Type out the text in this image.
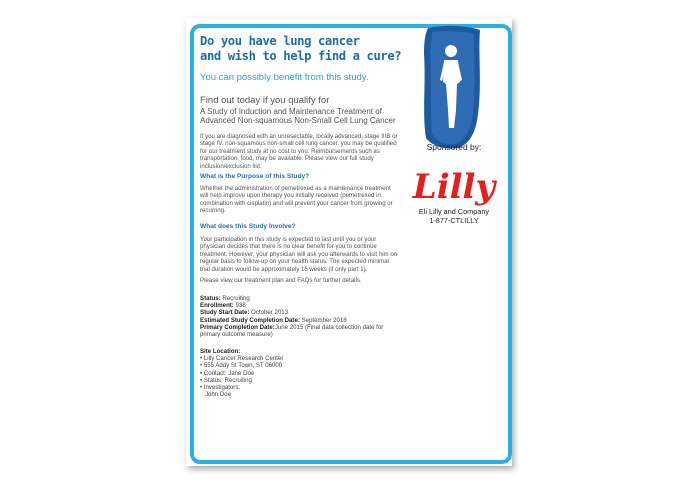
Do you have lung cancer
and wish to help find a cure?
You can possibly benefit from this study.
Find out today if you qualify for
A Study of Induction and Maintenance Treatment of Advanced Non-squamous Non-Small Cell Lung Cancer
If you are diagnosed with an unresectable, locally advanced, stage IIIB or stage IV, non-squamous non-small cell lung cancer, you may be qualified for our treatment study at no cost to you. Reimbursements such as transportation, food, may be available. Please view our full study inclusion/exclusion list.
What is the Purpose of this Study?
Whether the administration of pemetrexed as a maintenance treatment will help improve upon therapy you initially received (pemetrexed in combination with cisplatin) and will prevent your cancer from growing or recurring.
What does this Study Involve?
Your participation in this study is expected to last until you or your physician decides that there is no clear benefit for you to continue treatment. However, your physician will ask you afterwards to visit him on regular basis to follow-up on your health status. The expected minimal trial duration would be approximately 16 weeks (if only part 1).
Please view our treatment plan and FAQs for further details.
Status: Recruiting
Enrollment: 938
Study Start Date: October 2013
Estimated Study Completion Date: September 2018
Primary Completion Date:June 2015 (Final data collection date for primary outcome measure)
Site Location:
• Lilly Cancer Research Center
• 555 Addy St Town, ST 06000
• Contact: Jane Doe
• Status: Recruiting
• Investigators:
John Doe
Sponsored by:
Lilly
Eli Lilly and Company
1-877-CTLILLY
